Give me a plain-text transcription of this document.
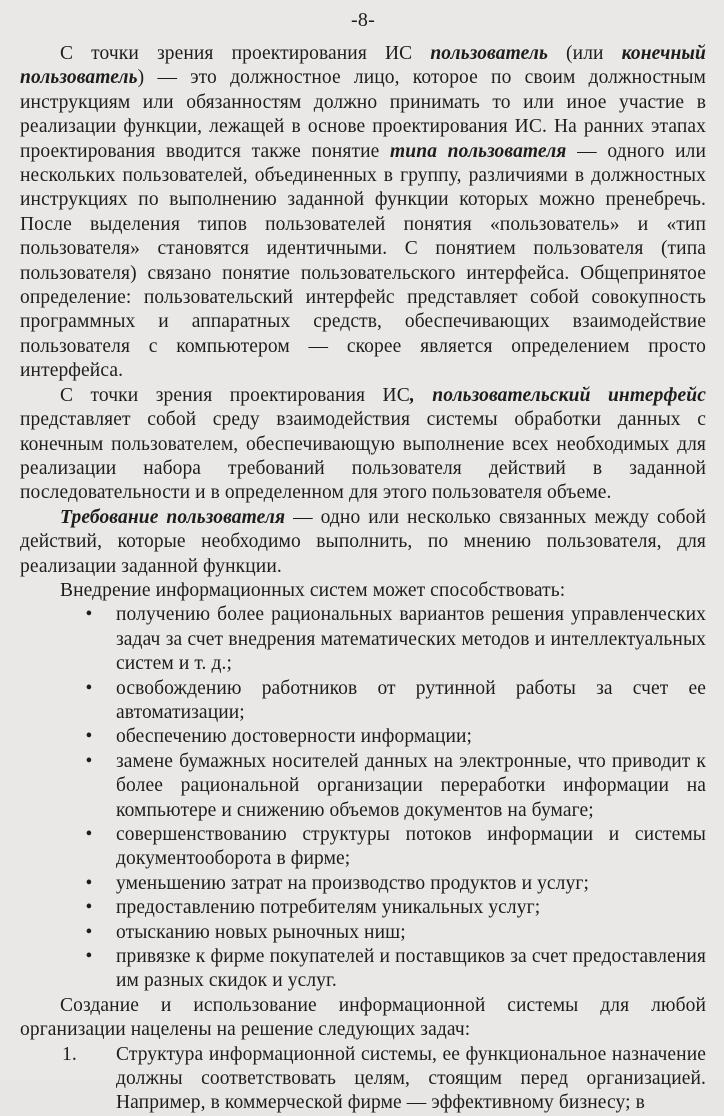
-8-

С точки зрения проектирования ИС пользователь (или конечный пользователь) — это должностное лицо, которое по своим должностным инструкциям или обязанностям должно принимать то или иное участие в реализации функции, лежащей в основе проектирования ИС. На ранних этапах проектирования вводится также понятие типа пользователя — одного или нескольких пользователей, объединенных в группу, различиями в должностных инструкциях по выполнению заданной функции которых можно пренебречь. После выделения типов пользователей понятия «пользователь» и «тип пользователя» становятся идентичными. С понятием пользователя (типа пользователя) связано понятие пользовательского интерфейса. Общепринятое определение: пользовательский интерфейс представляет собой совокупность программных и аппаратных средств, обеспечивающих взаимодействие пользователя с компьютером — скорее является определением просто интерфейса.

С точки зрения проектирования ИС, пользовательский интерфейс представляет собой среду взаимодействия системы обработки данных с конечным пользователем, обеспечивающую выполнение всех необходимых для реализации набора требований пользователя действий в заданной последовательности и в определенном для этого пользователя объеме.

Требование пользователя — одно или несколько связанных между собой действий, которые необходимо выполнить, по мнению пользователя, для реализации заданной функции.

Внедрение информационных систем может способствовать:

• получению более рациональных вариантов решения управленческих задач за счет внедрения математических методов и интеллектуальных систем и т. д.;
• освобождению работников от рутинной работы за счет ее автоматизации;
• обеспечению достоверности информации;
• замене бумажных носителей данных на электронные, что приводит к более рациональной организации переработки информации на компьютере и снижению объемов документов на бумаге;
• совершенствованию структуры потоков информации и системы документооборота в фирме;
• уменьшению затрат на производство продуктов и услуг;
• предоставлению потребителям уникальных услуг;
• отысканию новых рыночных ниш;
• привязке к фирме покупателей и поставщиков за счет предоставления им разных скидок и услуг.

Создание и использование информационной системы для любой организации нацелены на решение следующих задач:

1.	Структура информационной системы, ее функциональное назначение должны соответствовать целям, стоящим перед организацией. Например, в коммерческой фирме — эффективному бизнесу; в
